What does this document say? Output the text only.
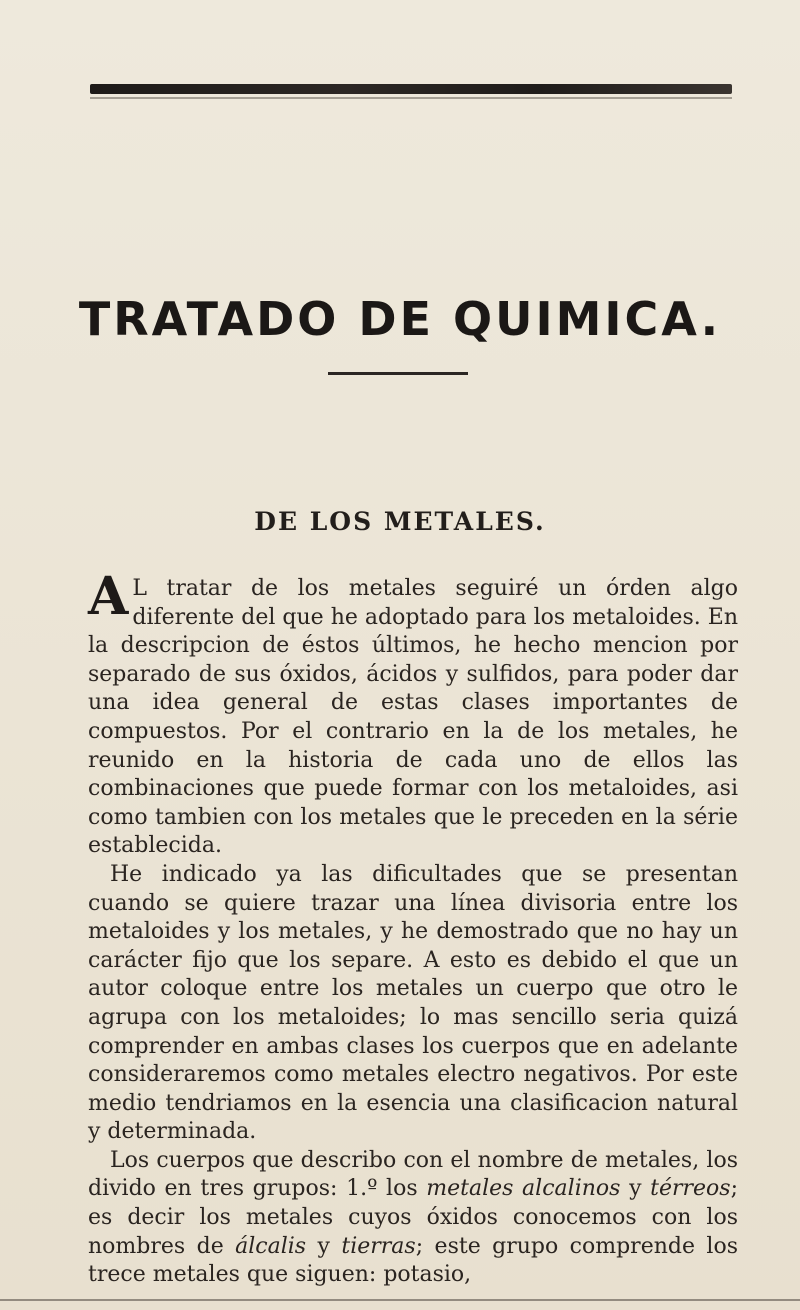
TRATADO DE QUIMICA.
DE LOS METALES.

A L tratar de los metales seguiré un órden algo diferente del que he adoptado para los metaloides. En la descripcion de éstos últimos, he hecho mencion por separado de sus óxidos, ácidos y sulfidos, para poder dar una idea general de estas clases importantes de compuestos. Por el contrario en la de los metales, he reunido en la historia de cada uno de ellos las combinaciones que puede formar con los metaloides, asi como tambien con los metales que le preceden en la série establecida.

He indicado ya las dificultades que se presentan cuando se quiere trazar una línea divisoria entre los metaloides y los metales, y he demostrado que no hay un carácter fijo que los separe. A esto es debido el que un autor coloque entre los metales un cuerpo que otro le agrupa con los metaloides; lo mas sencillo seria quizá comprender en ambas clases los cuerpos que en adelante consideraremos como metales electro negativos. Por este medio tendriamos en la esencia una clasificacion natural y determinada.

Los cuerpos que describo con el nombre de metales, los divido en tres grupos: 1.º los metales alcalinos y térreos; es decir los metales cuyos óxidos conocemos con los nombres de álcalis y tierras; este grupo comprende los trece metales que siguen: potasio,
